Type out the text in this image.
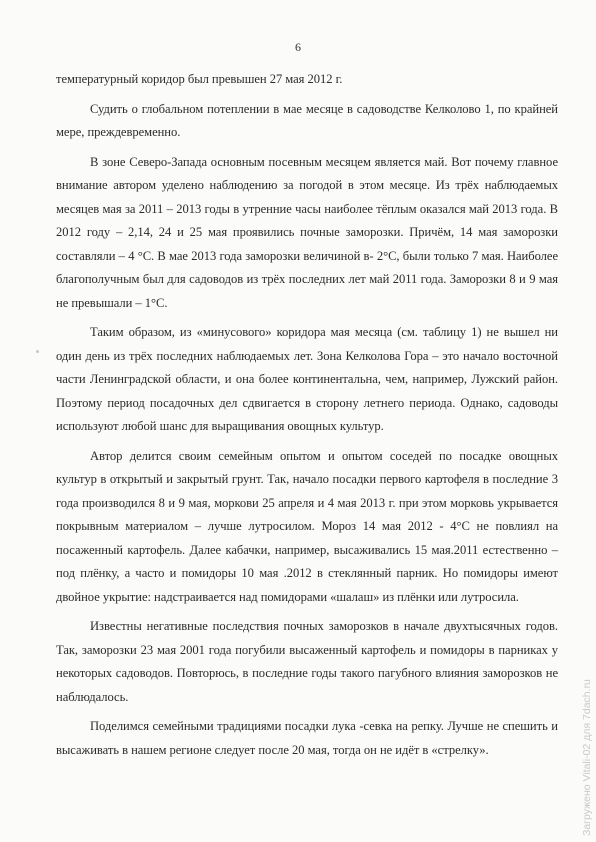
6

температурный коридор был превышен 27 мая 2012 г.

Судить о глобальном потеплении в мае месяце в садоводстве Келколово 1, по крайней мере, преждевременно.

В зоне Северо-Запада основным посевным месяцем является май. Вот почему главное внимание автором уделено наблюдению за погодой в этом месяце. Из трёх наблюдаемых месяцев мая за 2011 – 2013 годы в утренние часы наиболее тёплым оказался май 2013 года. В 2012 году – 2,14, 24 и 25 мая проявились почные заморозки. Причём, 14 мая заморозки составляли – 4 °C. В мае 2013 года заморозки величиной в- 2°C, были только 7 мая. Наиболее благополучным был для садоводов из трёх последних лет май 2011 года. Заморозки 8 и 9 мая не превышали – 1°C.

Таким образом, из «минусового» коридора мая месяца (см. таблицу 1) не вышел ни один день из трёх последних наблюдаемых лет. Зона Келколова Гора – это начало восточной части Ленинградской области, и она более континентальна, чем, например, Лужский район. Поэтому период посадочных дел сдвигается в сторону летнего периода. Однако, садоводы используют любой шанс для выращивания овощных культур.

Автор делится своим семейным опытом и опытом соседей по посадке овощных культур в открытый и закрытый грунт. Так, начало посадки первого картофеля в последние 3 года производился 8 и 9 мая, моркови 25 апреля и 4 мая 2013 г. при этом морковь укрывается покрывным материалом – лучше лутросилом. Мороз 14 мая 2012 - 4°C не повлиял на посаженный картофель. Далее кабачки, например, высаживались 15 мая.2011 естественно – под плёнку, а часто и помидоры 10 мая .2012 в стеклянный парник. Но помидоры имеют двойное укрытие: надстраивается над помидорами «шалаш» из плёнки или лутросила.

Известны негативные последствия почных заморозков в начале двухтысячных годов. Так, заморозки 23 мая 2001 года погубили высаженный картофель и помидоры в парниках у некоторых садоводов. Повторюсь, в последние годы такого пагубного влияния заморозков не наблюдалось.

Поделимся семейными традициями посадки лука -севка на репку. Лучше не спешить и высаживать в нашем регионе следует после 20 мая, тогда он не идёт в «стрелку».	Загружено Vitali-02 для 7dach.ru
